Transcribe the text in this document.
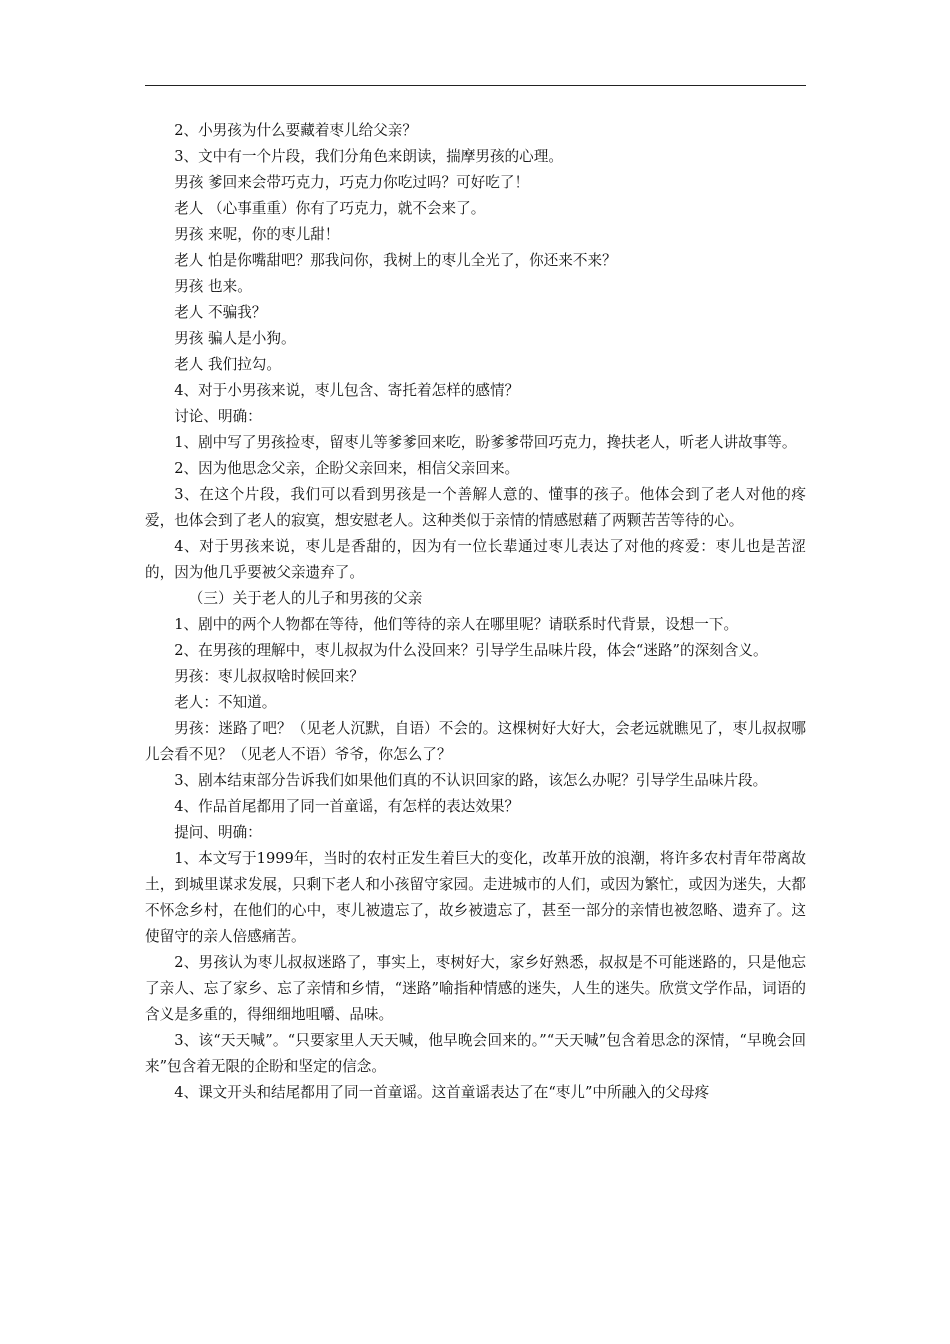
2、小男孩为什么要藏着枣儿给父亲？

3、文中有一个片段，我们分角色来朗读，揣摩男孩的心理。

男孩 爹回来会带巧克力，巧克力你吃过吗？可好吃了！

老人 （心事重重）你有了巧克力，就不会来了。

男孩 来呢，你的枣儿甜！

老人 怕是你嘴甜吧？那我问你，我树上的枣儿全光了，你还来不来？

男孩 也来。

老人 不骗我？

男孩 骗人是小狗。

老人 我们拉勾。

4、对于小男孩来说，枣儿包含、寄托着怎样的感情？

讨论、明确：

1、剧中写了男孩捡枣，留枣儿等爹爹回来吃，盼爹爹带回巧克力，搀扶老人，听老人讲故事等。

2、因为他思念父亲，企盼父亲回来，相信父亲回来。

3、在这个片段，我们可以看到男孩是一个善解人意的、懂事的孩子。他体会到了老人对他的疼爱，也体会到了老人的寂寞，想安慰老人。这种类似于亲情的情感慰藉了两颗苦苦等待的心。

4、对于男孩来说，枣儿是香甜的，因为有一位长辈通过枣儿表达了对他的疼爱：枣儿也是苦涩的，因为他几乎要被父亲遗弃了。

（三）关于老人的儿子和男孩的父亲

1、剧中的两个人物都在等待，他们等待的亲人在哪里呢？请联系时代背景，设想一下。

2、在男孩的理解中，枣儿叔叔为什么没回来？引导学生品味片段，体会“迷路”的深刻含义。

男孩：枣儿叔叔啥时候回来？

老人：不知道。

男孩：迷路了吧？（见老人沉默，自语）不会的。这棵树好大好大，会老远就瞧见了，枣儿叔叔哪儿会看不见？（见老人不语）爷爷，你怎么了？

3、剧本结束部分告诉我们如果他们真的不认识回家的路，该怎么办呢？引导学生品味片段。

4、作品首尾都用了同一首童谣，有怎样的表达效果？

提问、明确：

1、本文写于1999年，当时的农村正发生着巨大的变化，改革开放的浪潮，将许多农村青年带离故土，到城里谋求发展，只剩下老人和小孩留守家园。走进城市的人们，或因为繁忙，或因为迷失，大都不怀念乡村，在他们的心中，枣儿被遗忘了，故乡被遗忘了，甚至一部分的亲情也被忽略、遗弃了。这使留守的亲人倍感痛苦。

2、男孩认为枣儿叔叔迷路了，事实上，枣树好大，家乡好熟悉，叔叔是不可能迷路的，只是他忘了亲人、忘了家乡、忘了亲情和乡情，“迷路”喻指种情感的迷失，人生的迷失。欣赏文学作品，词语的含义是多重的，得细细地咀嚼、品味。

3、该“天天喊”。“只要家里人天天喊，他早晚会回来的。”“天天喊”包含着思念的深情，“早晚会回来”包含着无限的企盼和坚定的信念。

4、课文开头和结尾都用了同一首童谣。这首童谣表达了在“枣儿”中所融入的父母疼
